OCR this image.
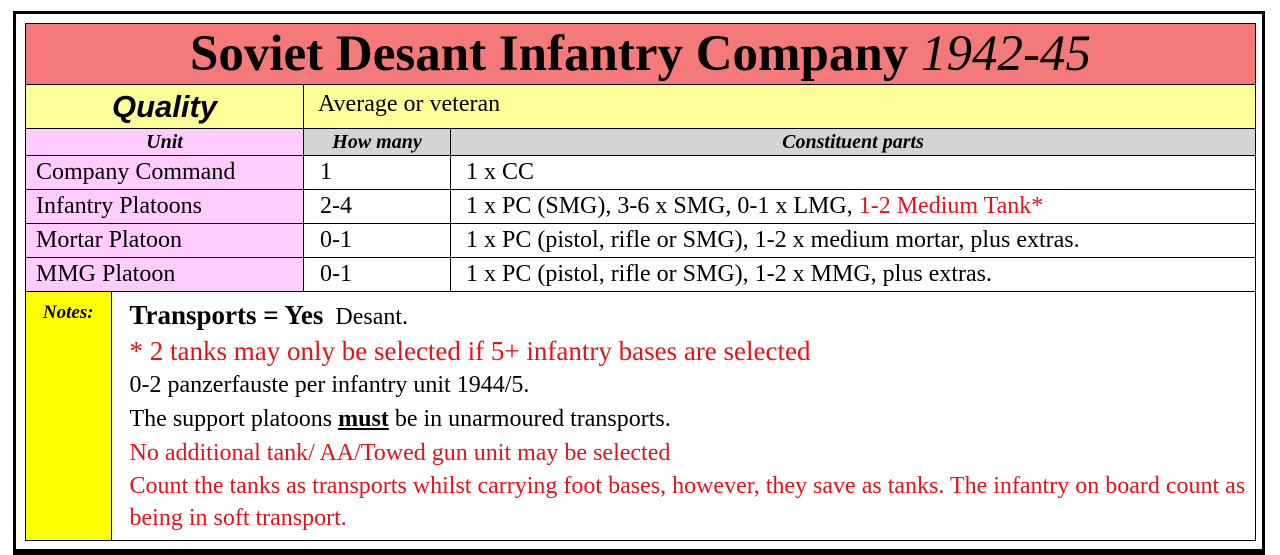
Soviet Desant Infantry Company 1942-45
Quality	Average or veteran
Unit	How many	Constituent parts
Company Command	1	1 x CC
Infantry Platoons	2-4	1 x PC (SMG), 3-6 x SMG, 0-1 x LMG, 1-2 Medium Tank*
Mortar Platoon	0-1	1 x PC (pistol, rifle or SMG), 1-2 x medium mortar, plus extras.
MMG Platoon	0-1	1 x PC (pistol, rifle or SMG), 1-2 x MMG, plus extras.

Notes:	Transports = Yes  Desant.
* 2 tanks may only be selected if 5+ infantry bases are selected
0-2 panzerfauste per infantry unit 1944/5.
The support platoons must be in unarmoured transports.
No additional tank/ AA/Towed gun unit may be selected
Count the tanks as transports whilst carrying foot bases, however, they save as tanks. The infantry on board count as being in soft transport.
